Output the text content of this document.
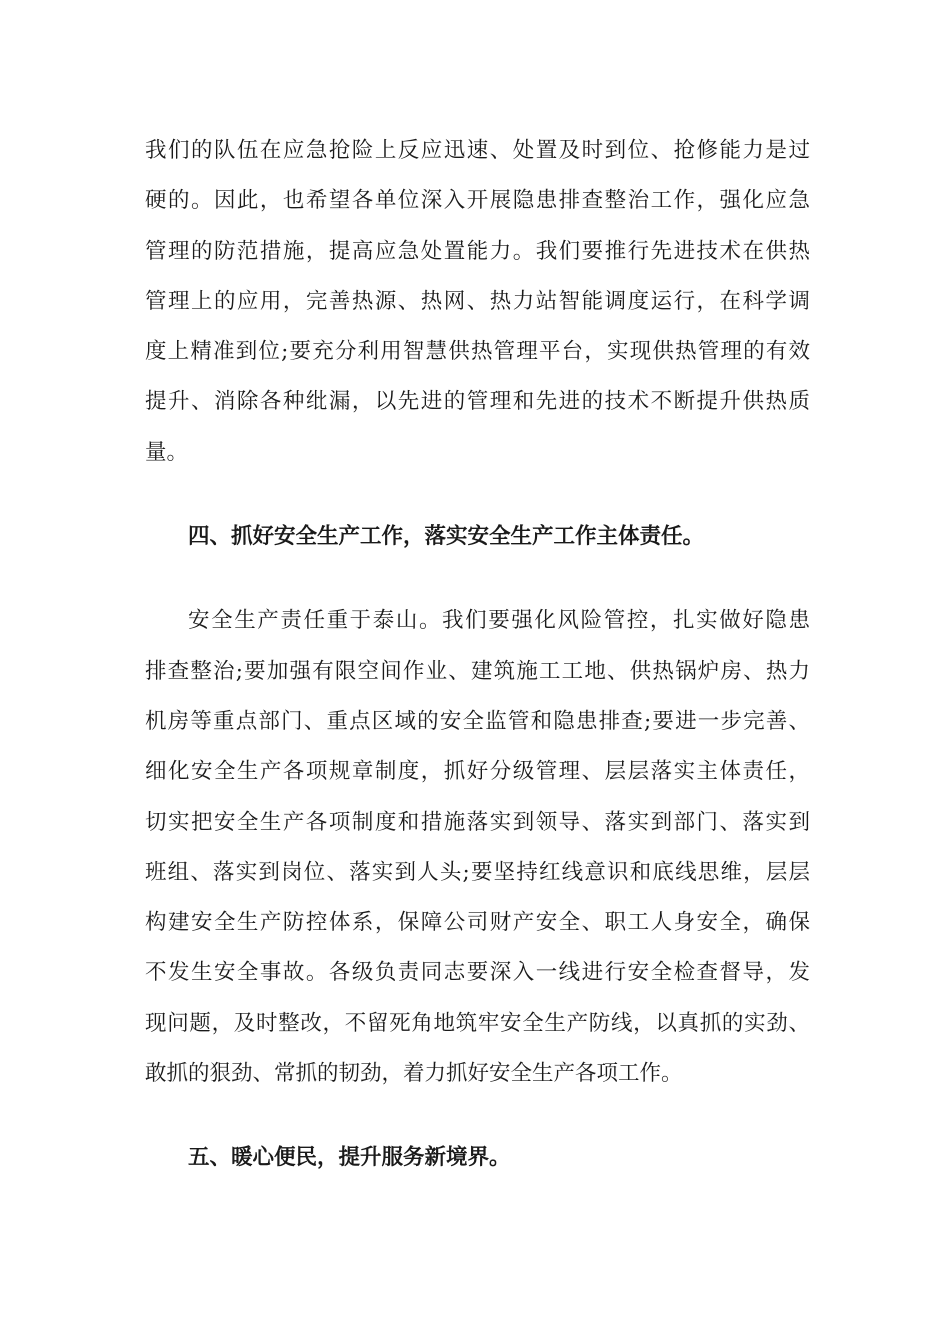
我们的队伍在应急抢险上反应迅速、处置及时到位、抢修能力是过
硬的。因此，也希望各单位深入开展隐患排查整治工作，强化应急
管理的防范措施，提高应急处置能力。我们要推行先进技术在供热
管理上的应用，完善热源、热网、热力站智能调度运行，在科学调
度上精准到位;要充分利用智慧供热管理平台，实现供热管理的有效
提升、消除各种纰漏，以先进的管理和先进的技术不断提升供热质
量。
四、抓好安全生产工作，落实安全生产工作主体责任。
安全生产责任重于泰山。我们要强化风险管控，扎实做好隐患
排查整治;要加强有限空间作业、建筑施工工地、供热锅炉房、热力
机房等重点部门、重点区域的安全监管和隐患排查;要进一步完善、
细化安全生产各项规章制度，抓好分级管理、层层落实主体责任，
切实把安全生产各项制度和措施落实到领导、落实到部门、落实到
班组、落实到岗位、落实到人头;要坚持红线意识和底线思维，层层
构建安全生产防控体系，保障公司财产安全、职工人身安全，确保
不发生安全事故。各级负责同志要深入一线进行安全检查督导，发
现问题，及时整改，不留死角地筑牢安全生产防线，以真抓的实劲、
敢抓的狠劲、常抓的韧劲，着力抓好安全生产各项工作。
五、暖心便民，提升服务新境界。
